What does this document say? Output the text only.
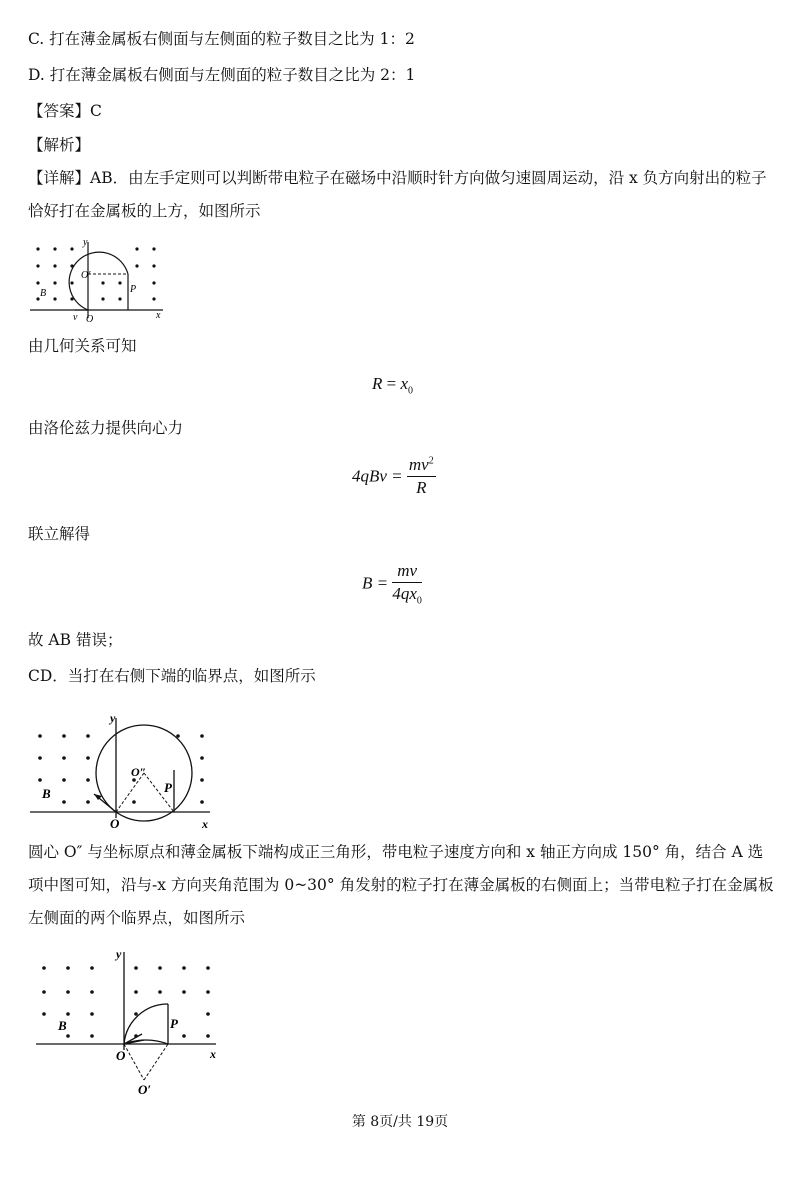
C. 打在薄金属板右侧面与左侧面的粒子数目之比为 1：2
D. 打在薄金属板右侧面与左侧面的粒子数目之比为 2：1
【答案】C
【解析】
【详解】AB．由左手定则可以判断带电粒子在磁场中沿顺时针方向做匀速圆周运动，沿 x 负方向射出的粒子恰好打在金属板的上方，如图所示
y
O′
B	P
v O	x
由几何关系可知
$R = x_0$
由洛伦兹力提供向心力
$4qBv = \frac{mv^2}{R}$
联立解得
$B = \frac{mv}{4qx_0}$
故 AB 错误；
CD．当打在右侧下端的临界点，如图所示
y
O″
B	P
O	x
圆心 O″ 与坐标原点和薄金属板下端构成正三角形，带电粒子速度方向和 x 轴正方向成 150° 角，结合 A 选项中图可知，沿与-x 方向夹角范围为 0~30° 角发射的粒子打在薄金属板的右侧面上；当带电粒子打在金属板左侧面的两个临界点，如图所示
y
B	P
O	x
O′
第 8页/共 19页
